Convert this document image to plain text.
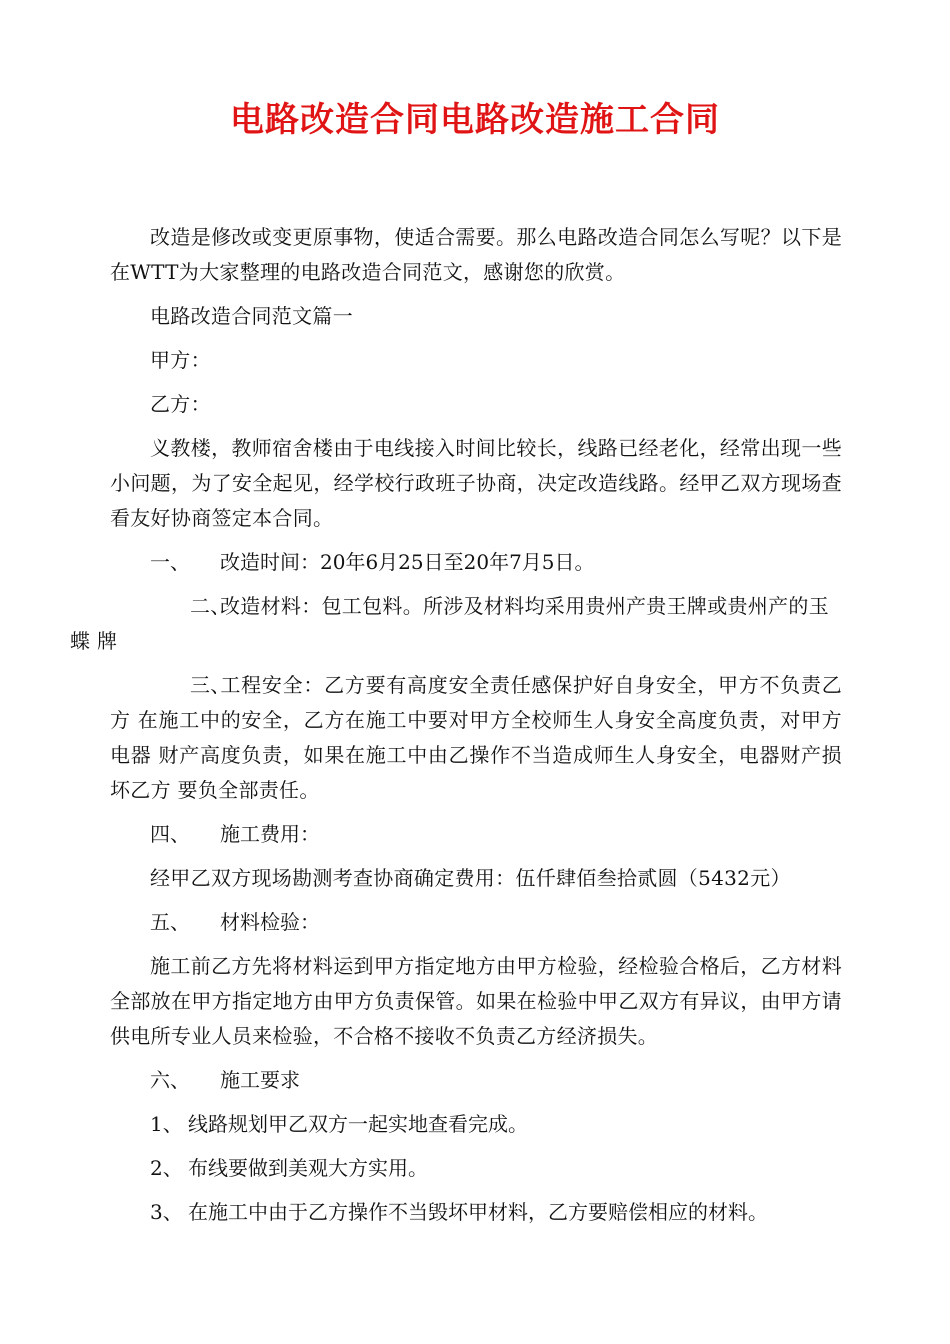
电路改造合同电路改造施工合同

改造是修改或变更原事物，使适合需要。那么电路改造合同怎么写呢？以下是 在WTT为大家整理的电路改造合同范文，感谢您的欣赏。

电路改造合同范文篇一

甲方：

乙方：

义教楼，教师宿舍楼由于电线接入时间比较长，线路已经老化，经常出现一些小问题，为了安全起见，经学校行政班子协商，决定改造线路。经甲乙双方现场查看友好协商签定本合同。

一、 改造时间：20年6月25日至20年7月5日。

二、改造材料：包工包料。所涉及材料均采用贵州产贵王牌或贵州产的玉
蝶 牌

三、工程安全：乙方要有高度安全责任感保护好自身安全，甲方不负责乙方 在施工中的安全，乙方在施工中要对甲方全校师生人身安全高度负责，对甲方电器 财产高度负责，如果在施工中由乙操作不当造成师生人身安全，电器财产损坏乙方 要负全部责任。

四、 施工费用：

经甲乙双方现场勘测考查协商确定费用：伍仟肆佰叁拾贰圆（5432元）

五、 材料检验：

施工前乙方先将材料运到甲方指定地方由甲方检验，经检验合格后，乙方材料全部放在甲方指定地方由甲方负责保管。如果在检验中甲乙双方有异议，由甲方请供电所专业人员来检验，不合格不接收不负责乙方经济损失。

六、 施工要求

1、 线路规划甲乙双方一起实地查看完成。

2、 布线要做到美观大方实用。

3、 在施工中由于乙方操作不当毁坏甲材料，乙方要赔偿相应的材料。
